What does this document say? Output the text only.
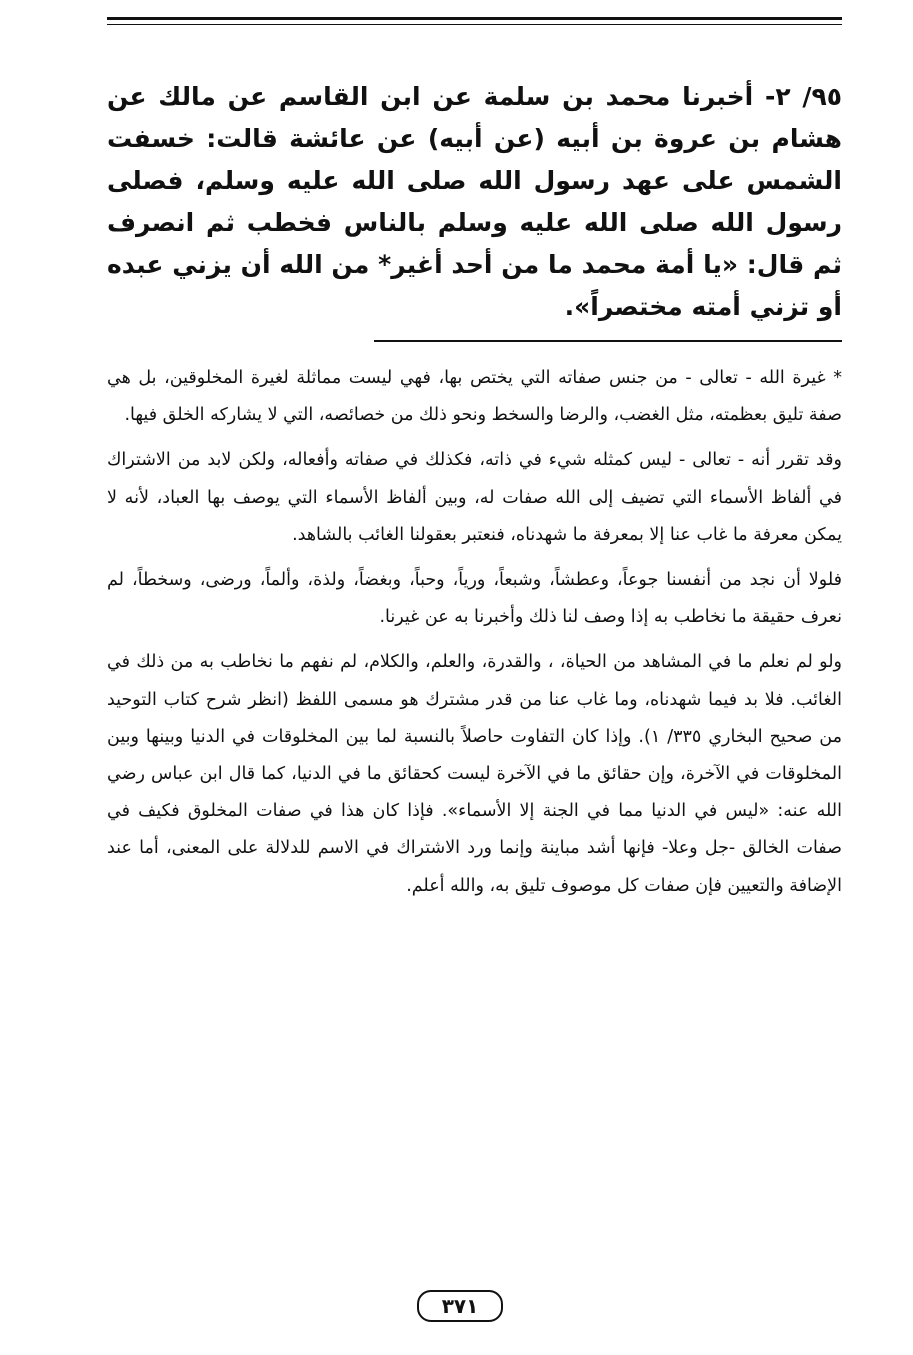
٩٥/ ٢- أخبرنا محمد بن سلمة عن ابن القاسم عن مالك عن هشام بن عروة بن أبيه (عن أبيه) عن عائشة قالت: خسفت الشمس على عهد رسول الله صلى الله عليه وسلم، فصلى رسول الله صلى الله عليه وسلم بالناس فخطب ثم انصرف ثم قال: «يا أمة محمد ما من أحد أغير* من الله أن يزني عبده أو تزني أمته مختصراً».

* غيرة الله - تعالى - من جنس صفاته التي يختص بها، فهي ليست مماثلة لغيرة المخلوقين، بل هي صفة تليق بعظمته، مثل الغضب، والرضا والسخط ونحو ذلك من خصائصه، التي لا يشاركه الخلق فيها.

وقد تقرر أنه - تعالى - ليس كمثله شيء في ذاته، فكذلك في صفاته وأفعاله، ولكن لابد من الاشتراك في ألفاظ الأسماء التي تضيف إلى الله صفات له، وبين ألفاظ الأسماء التي يوصف بها العباد، لأنه لا يمكن معرفة ما غاب عنا إلا بمعرفة ما شهدناه، فنعتبر بعقولنا الغائب بالشاهد.

فلولا أن نجد من أنفسنا جوعاً، وعطشاً، وشبعاً، ورياً، وحباً، وبغضاً، ولذة، وألماً، ورضى، وسخطاً، لم نعرف حقيقة ما نخاطب به إذا وصف لنا ذلك وأخبرنا به عن غيرنا.

ولو لم نعلم ما في المشاهد من الحياة، ، والقدرة، والعلم، والكلام، لم نفهم ما نخاطب به من ذلك في الغائب. فلا بد فيما شهدناه، وما غاب عنا من قدر مشترك هو مسمى اللفظ (انظر شرح كتاب التوحيد من صحيح البخاري ٣٣٥/ ١). وإذا كان التفاوت حاصلاً بالنسبة لما بين المخلوقات في الدنيا وبينها وبين المخلوقات في الآخرة، وإن حقائق ما في الآخرة ليست كحقائق ما في الدنيا، كما قال ابن عباس رضي الله عنه: «ليس في الدنيا مما في الجنة إلا الأسماء». فإذا كان هذا في صفات المخلوق فكيف في صفات الخالق -جل وعلا- فإنها أشد مباينة وإنما ورد الاشتراك في الاسم للدلالة على المعنى، أما عند الإضافة والتعيين فإن صفات كل موصوف تليق به، والله أعلم.

٣٧١
